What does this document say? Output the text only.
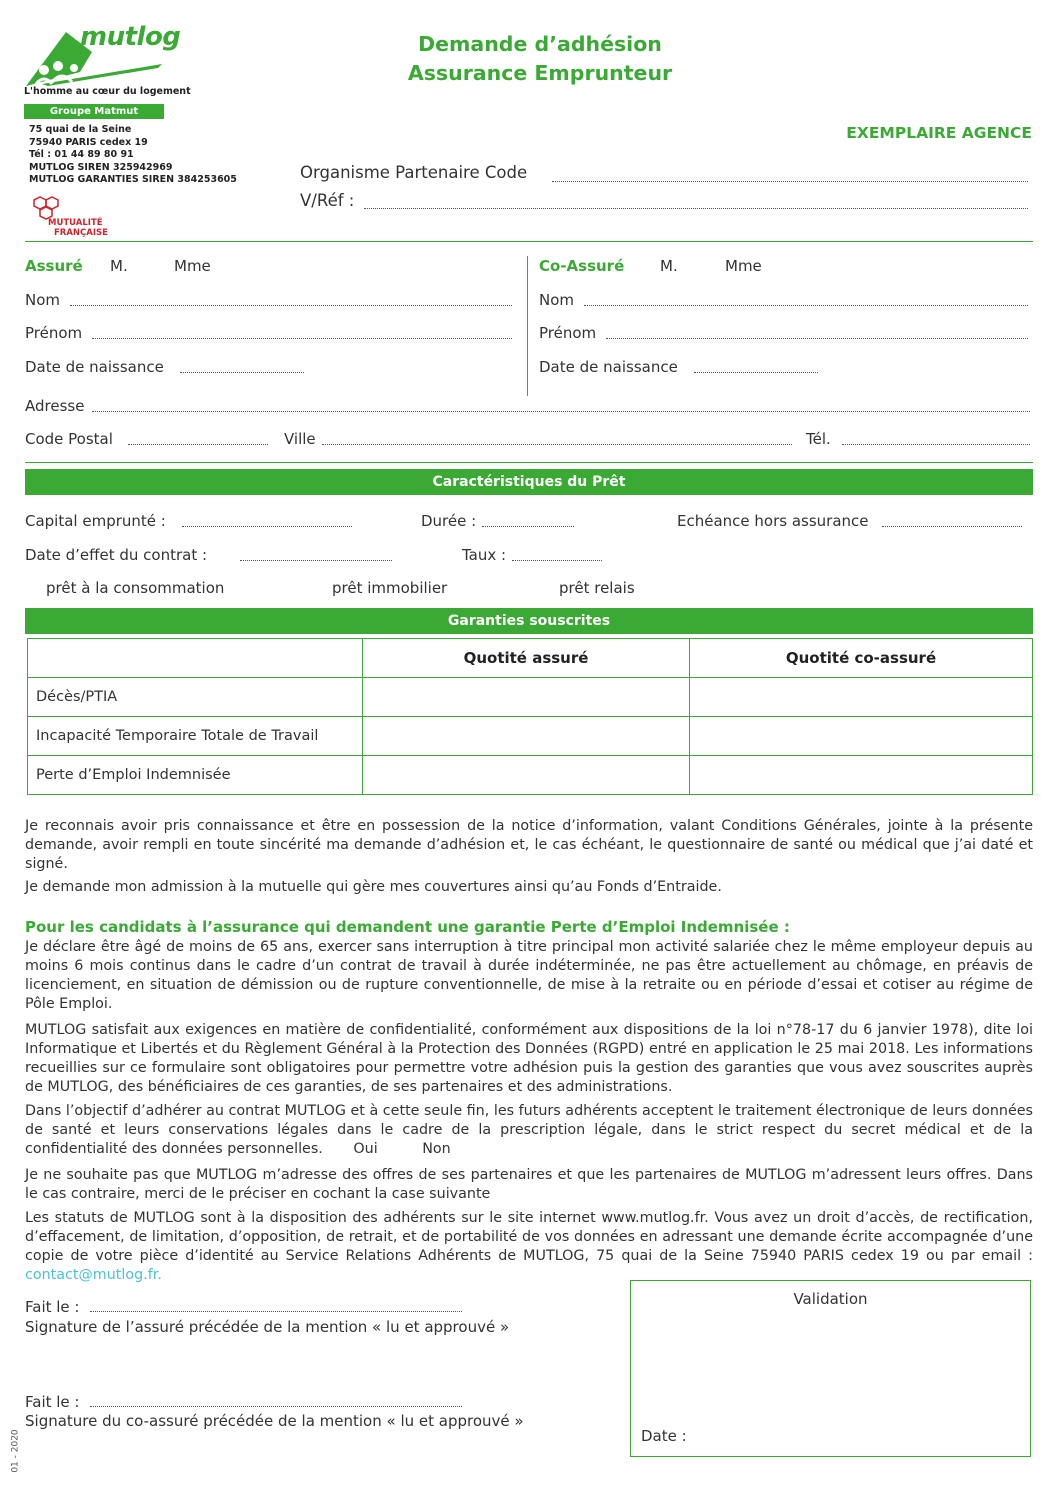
mutlog
L'homme au cœur du logement
Groupe Matmut
75 quai de la Seine
75940 PARIS cedex 19
Tél : 01 44 89 80 91
MUTLOG SIREN 325942969
MUTLOG GARANTIES SIREN 384253605
MUTUALITÉ
FRANÇAISE
Demande d’adhésion
Assurance Emprunteur
EXEMPLAIRE AGENCE
Organisme Partenaire Code
V/Réf :
Assuré M.	Mme
Nom
Prénom
Date de naissance
Co-Assuré M.	Mme
Nom
Prénom
Date de naissance
Adresse
Code Postal	Ville	Tél.
Caractéristiques du Prêt
Capital emprunté :	Durée :	Echéance hors assurance
Date d’effet du contrat :	Taux :
prêt à la consommation	prêt immobilier	prêt relais
Garanties souscrites
	Quotité assuré	Quotité co-assuré
Décès/PTIA		
Incapacité Temporaire Totale de Travail		
Perte d’Emploi Indemnisée		

Je reconnais avoir pris connaissance et être en possession de la notice d’information, valant Conditions Générales, jointe à la présente demande, avoir rempli en toute sincérité ma demande d’adhésion et, le cas échéant, le questionnaire de santé ou médical que j’ai daté et signé.

Je demande mon admission à la mutuelle qui gère mes couvertures ainsi qu’au Fonds d’Entraide.

Pour les candidats à l’assurance qui demandent une garantie Perte d’Emploi Indemnisée :

Je déclare être âgé de moins de 65 ans, exercer sans interruption à titre principal mon activité salariée chez le même employeur depuis au moins 6 mois continus dans le cadre d’un contrat de travail à durée indéterminée, ne pas être actuellement au chômage, en préavis de licenciement, en situation de démission ou de rupture conventionnelle, de mise à la retraite ou en période d’essai et cotiser au régime de Pôle Emploi.

MUTLOG satisfait aux exigences en matière de confidentialité, conformément aux dispositions de la loi n°78-17 du 6 janvier 1978), dite loi Informatique et Libertés et du Règlement Général à la Protection des Données (RGPD) entré en application le 25 mai 2018. Les informations recueillies sur ce formulaire sont obligatoires pour permettre votre adhésion puis la gestion des garanties que vous avez souscrites auprès de MUTLOG, des bénéficiaires de ces garanties, de ses partenaires et des administrations.

Dans l’objectif d’adhérer au contrat MUTLOG et à cette seule fin, les futurs adhérents acceptent le traitement électronique de leurs données de santé et leurs conservations légales dans le cadre de la prescription légale, dans le strict respect du secret médical et de la confidentialité des données personnelles. Oui	Non

Je ne souhaite pas que MUTLOG m’adresse des offres de ses partenaires et que les partenaires de MUTLOG m’adressent leurs offres. Dans le cas contraire, merci de le préciser en cochant la case suivante

Les statuts de MUTLOG sont à la disposition des adhérents sur le site internet www.mutlog.fr. Vous avez un droit d’accès, de rectification, d’effacement, de limitation, d’opposition, de retrait, et de portabilité de vos données en adressant une demande écrite accompagnée d’une copie de votre pièce d’identité au Service Relations Adhérents de MUTLOG, 75 quai de la Seine 75940 PARIS cedex 19 ou par email : contact@mutlog.fr.

Fait le :
Signature de l’assuré précédée de la mention « lu et approuvé »
Fait le :
Signature du co-assuré précédée de la mention « lu et approuvé »
Validation
Date :
01 - 2020
